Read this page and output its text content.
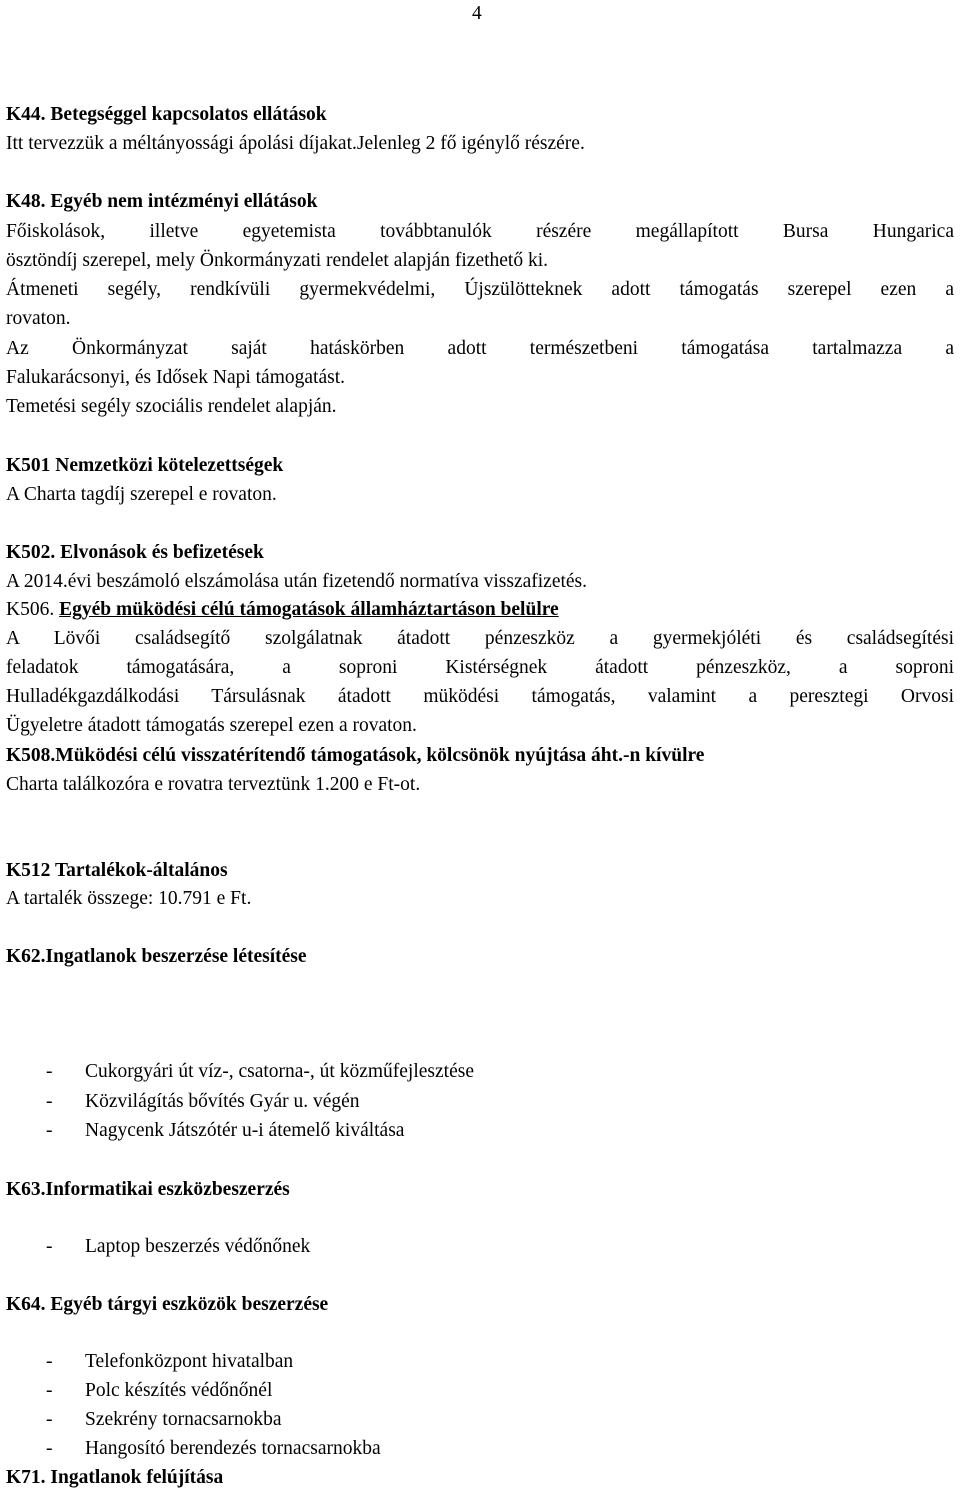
4
K44. Betegséggel kapcsolatos ellátások
Itt tervezzük a méltányossági ápolási díjakat.Jelenleg 2 fő igénylő részére.
K48. Egyéb nem intézményi ellátások
Főiskolások, illetve egyetemista továbbtanulók részére megállapított Bursa Hungarica
ösztöndíj szerepel, mely Önkormányzati rendelet alapján fizethető ki.
Átmeneti segély, rendkívüli gyermekvédelmi, Újszülötteknek adott támogatás szerepel ezen a
rovaton.
Az Önkormányzat saját hatáskörben adott természetbeni támogatása tartalmazza a
Falukarácsonyi, és Idősek Napi támogatást.
Temetési segély szociális rendelet alapján.
K501 Nemzetközi kötelezettségek
A Charta tagdíj szerepel e rovaton.
K502. Elvonások és befizetések
A 2014.évi beszámoló elszámolása után fizetendő normatíva visszafizetés.
K506. Egyéb müködési célú támogatások államháztartáson belülre
A Lövői családsegítő szolgálatnak átadott pénzeszköz a gyermekjóléti és családsegítési
feladatok támogatására, a soproni Kistérségnek átadott pénzeszköz, a soproni
Hulladékgazdálkodási Társulásnak átadott müködési támogatás, valamint a peresztegi Orvosi
Ügyeletre átadott támogatás szerepel ezen a rovaton.
K508.Müködési célú visszatérítendő támogatások, kölcsönök nyújtása áht.-n kívülre
Charta találkozóra e rovatra terveztünk 1.200 e Ft-ot.
K512 Tartalékok-általános
A tartalék összege: 10.791 e Ft.
K62.Ingatlanok beszerzése létesítése
- Cukorgyári út víz-, csatorna-, út közműfejlesztése
- Közvilágítás bővítés Gyár u. végén
- Nagycenk Játszótér u-i átemelő kiváltása
K63.Informatikai eszközbeszerzés
- Laptop beszerzés védőnőnek
K64. Egyéb tárgyi eszközök beszerzése
- Telefonközpont hivatalban
- Polc készítés védőnőnél
- Szekrény tornacsarnokba
- Hangosító berendezés tornacsarnokba
K71. Ingatlanok felújítása
